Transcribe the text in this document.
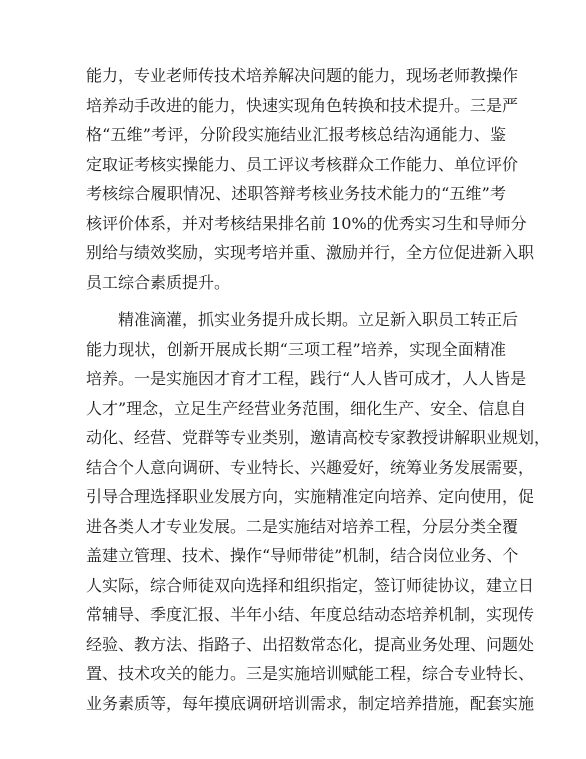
能力，专业老师传技术培养解决问题的能力，现场老师教操作
培养动手改进的能力，快速实现角色转换和技术提升。三是严
格“五维”考评，分阶段实施结业汇报考核总结沟通能力、鉴
定取证考核实操能力、员工评议考核群众工作能力、单位评价
考核综合履职情况、述职答辩考核业务技术能力的“五维”考
核评价体系，并对考核结果排名前 10%的优秀实习生和导师分
别给与绩效奖励，实现考培并重、激励并行，全方位促进新入职
员工综合素质提升。
　　精准滴灌，抓实业务提升成长期。立足新入职员工转正后
能力现状，创新开展成长期“三项工程”培养，实现全面精准
培养。一是实施因才育才工程，践行“人人皆可成才，人人皆是
人才”理念，立足生产经营业务范围，细化生产、安全、信息自
动化、经营、党群等专业类别，邀请高校专家教授讲解职业规划，
结合个人意向调研、专业特长、兴趣爱好，统筹业务发展需要，
引导合理选择职业发展方向，实施精准定向培养、定向使用，促
进各类人才专业发展。二是实施结对培养工程，分层分类全覆
盖建立管理、技术、操作“导师带徒”机制，结合岗位业务、个
人实际，综合师徒双向选择和组织指定，签订师徒协议，建立日
常辅导、季度汇报、半年小结、年度总结动态培养机制，实现传
经验、教方法、指路子、出招数常态化，提高业务处理、问题处
置、技术攻关的能力。三是实施培训赋能工程，综合专业特长、
业务素质等，每年摸底调研培训需求，制定培养措施，配套实施
